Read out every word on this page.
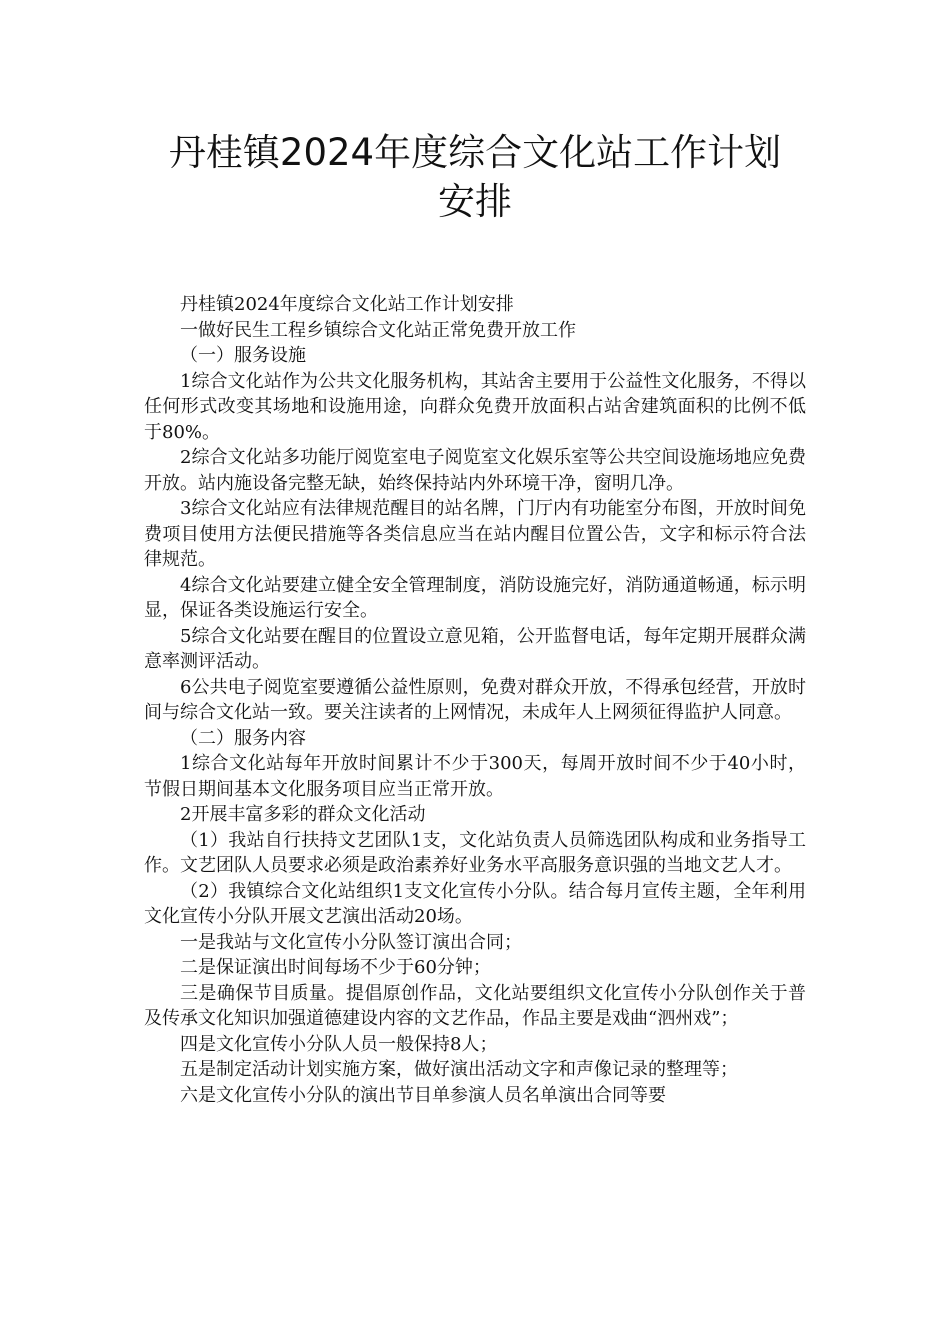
丹桂镇2024年度综合文化站工作计划
安排

丹桂镇2024年度综合文化站工作计划安排

一做好民生工程乡镇综合文化站正常免费开放工作

（一）服务设施

1综合文化站作为公共文化服务机构，其站舍主要用于公益性文化服务，不得以任何形式改变其场地和设施用途，向群众免费开放面积占站舍建筑面积的比例不低于80%。

2综合文化站多功能厅阅览室电子阅览室文化娱乐室等公共空间设施场地应免费开放。站内施设备完整无缺，始终保持站内外环境干净，窗明几净。

3综合文化站应有法律规范醒目的站名牌，门厅内有功能室分布图，开放时间免费项目使用方法便民措施等各类信息应当在站内醒目位置公告，文字和标示符合法律规范。

4综合文化站要建立健全安全管理制度，消防设施完好，消防通道畅通，标示明显，保证各类设施运行安全。

5综合文化站要在醒目的位置设立意见箱，公开监督电话，每年定期开展群众满意率测评活动。

6公共电子阅览室要遵循公益性原则，免费对群众开放，不得承包经营，开放时间与综合文化站一致。要关注读者的上网情况，未成年人上网须征得监护人同意。

（二）服务内容

1综合文化站每年开放时间累计不少于300天，每周开放时间不少于40小时，节假日期间基本文化服务项目应当正常开放。

2开展丰富多彩的群众文化活动

（1）我站自行扶持文艺团队1支，文化站负责人员筛选团队构成和业务指导工作。文艺团队人员要求必须是政治素养好业务水平高服务意识强的当地文艺人才。

（2）我镇综合文化站组织1支文化宣传小分队。结合每月宣传主题，全年利用文化宣传小分队开展文艺演出活动20场。

一是我站与文化宣传小分队签订演出合同；

二是保证演出时间每场不少于60分钟；

三是确保节目质量。提倡原创作品，文化站要组织文化宣传小分队创作关于普及传承文化知识加强道德建设内容的文艺作品，作品主要是戏曲“泗州戏”；

四是文化宣传小分队人员一般保持8人；

五是制定活动计划实施方案，做好演出活动文字和声像记录的整理等；

六是文化宣传小分队的演出节目单参演人员名单演出合同等要
